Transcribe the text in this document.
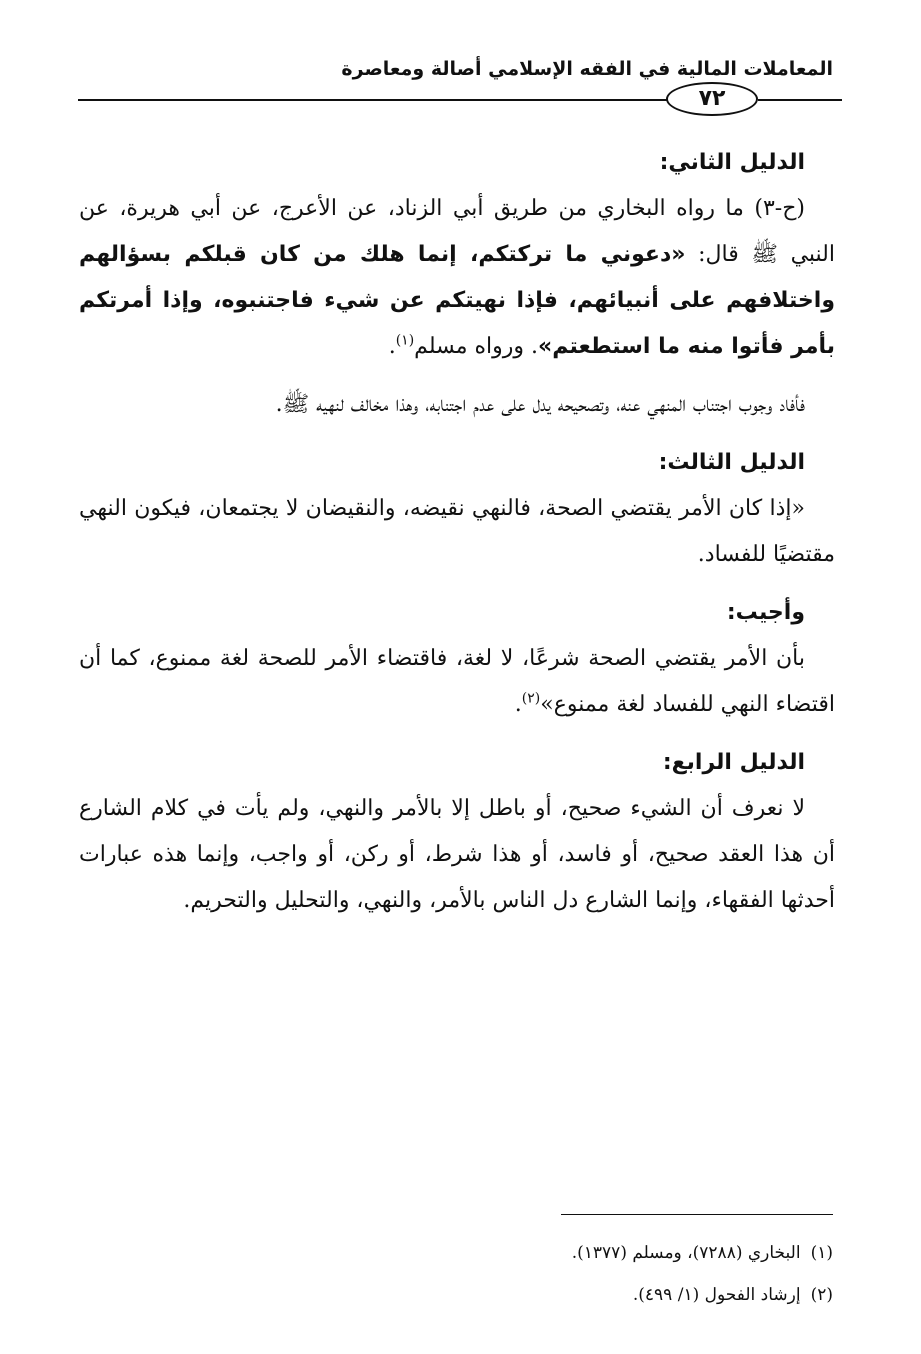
المعاملات المالية في الفقه الإسلامي أصالة ومعاصرة
٧٢

الدليل الثاني:

(ح-٣) ما رواه البخاري من طريق أبي الزناد، عن الأعرج، عن أبي هريرة، عن النبي ﷺ قال: «دعوني ما تركتكم، إنما هلك من كان قبلكم بسؤالهم واختلافهم على أنبيائهم، فإذا نهيتكم عن شيء فاجتنبوه، وإذا أمرتكم بأمر فأتوا منه ما استطعتم». ورواه مسلم$^{(١)}$.

فأفاد وجوب اجتناب المنهي عنه، وتصحيحه يدل على عدم اجتنابه، وهذا مخالف لنهيه ﷺ.

الدليل الثالث:

«إذا كان الأمر يقتضي الصحة، فالنهي نقيضه، والنقيضان لا يجتمعان، فيكون النهي مقتضيًا للفساد.

وأجيب:

بأن الأمر يقتضي الصحة شرعًا، لا لغة، فاقتضاء الأمر للصحة لغة ممنوع، كما أن اقتضاء النهي للفساد لغة ممنوع»$^{(٢)}$.

الدليل الرابع:

لا نعرف أن الشيء صحيح، أو باطل إلا بالأمر والنهي، ولم يأت في كلام الشارع أن هذا العقد صحيح، أو فاسد، أو هذا شرط، أو ركن، أو واجب، وإنما هذه عبارات أحدثها الفقهاء، وإنما الشارع دل الناس بالأمر، والنهي، والتحليل والتحريم.

(١)البخاري (٧٢٨٨)، ومسلم (١٣٧٧).

(٢)إرشاد الفحول (١/ ٤٩٩).
